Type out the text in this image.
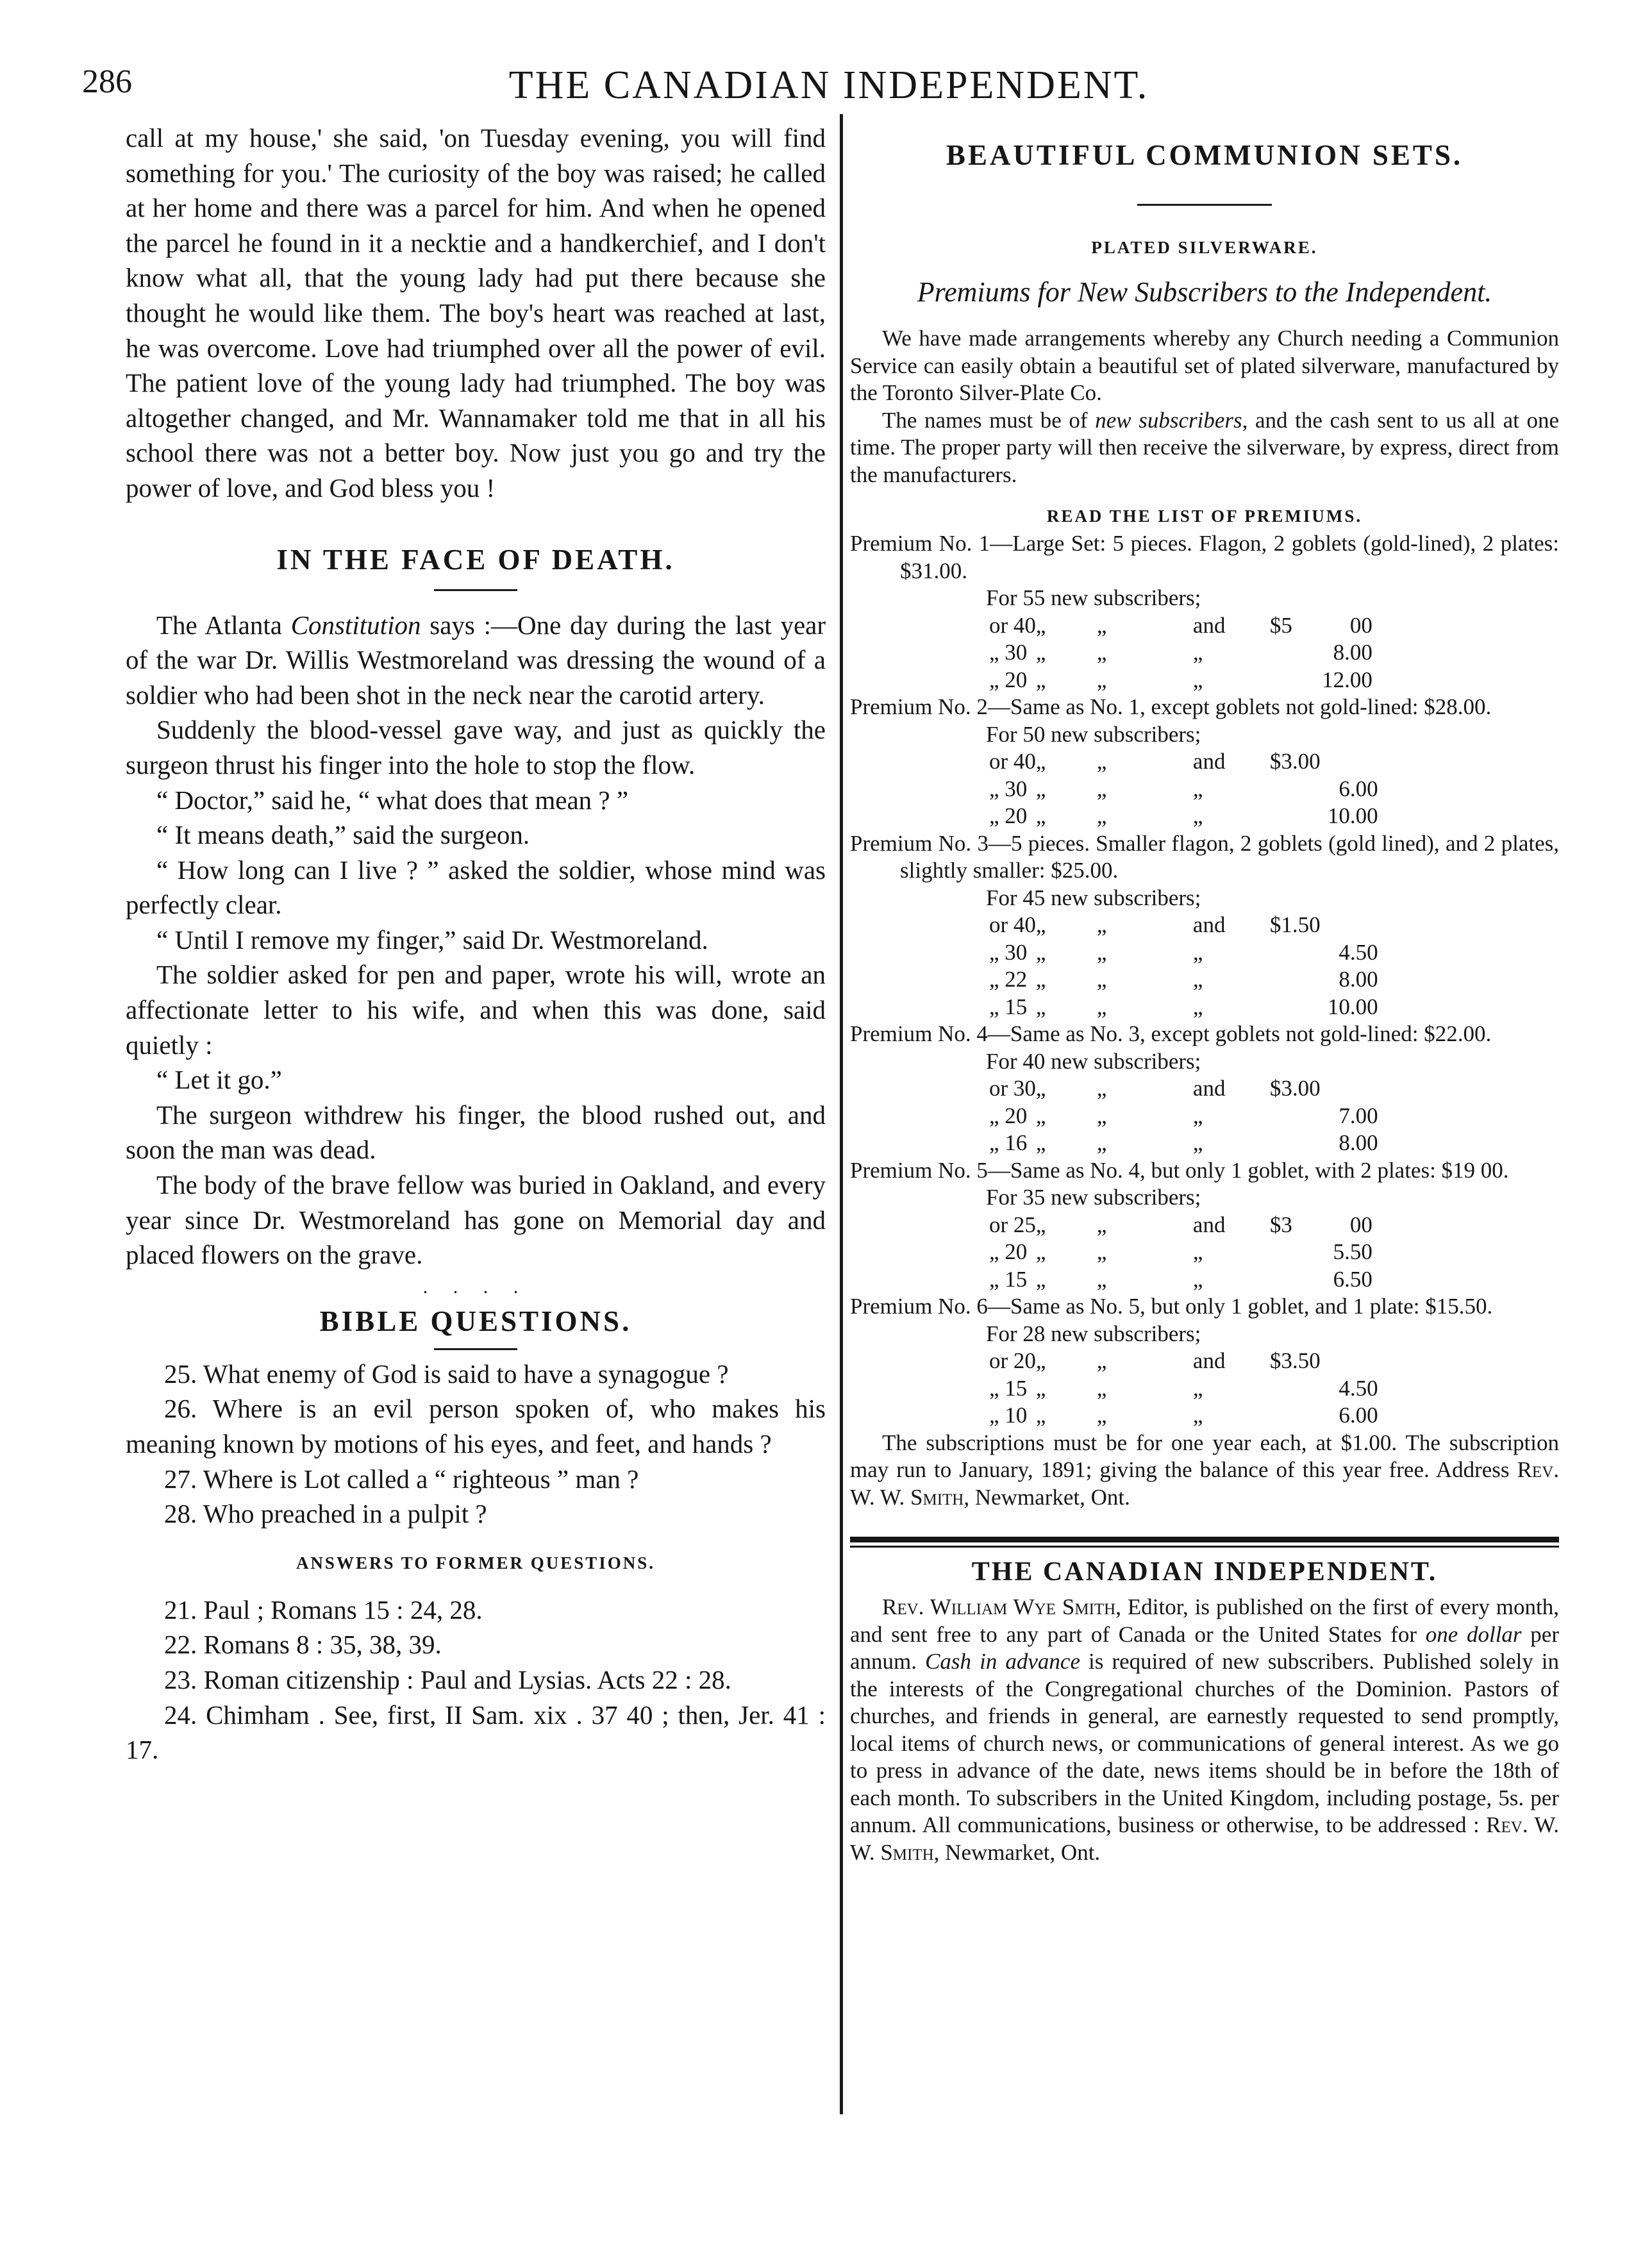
286	THE CANADIAN INDEPENDENT.

call at my house,' she said, 'on Tuesday evening, you will find something for you.' The curiosity of the boy was raised; he called at her home and there was a parcel for him. And when he opened the parcel he found in it a necktie and a handkerchief, and I don't know what all, that the young lady had put there because she thought he would like them. The boy's heart was reached at last, he was overcome. Love had triumphed over all the power of evil. The patient love of the young lady had triumphed. The boy was altogether changed, and Mr. Wannamaker told me that in all his school there was not a better boy. Now just you go and try the power of love, and God bless you !

IN THE FACE OF DEATH.

The Atlanta Constitution says :—One day during the last year of the war Dr. Willis Westmoreland was dressing the wound of a soldier who had been shot in the neck near the carotid artery.

Suddenly the blood-vessel gave way, and just as quickly the surgeon thrust his finger into the hole to stop the flow.

“ Doctor,” said he, “ what does that mean ? ”

“ It means death,” said the surgeon.

“ How long can I live ? ” asked the soldier, whose mind was perfectly clear.

“ Until I remove my finger,” said Dr. Westmoreland.

The soldier asked for pen and paper, wrote his will, wrote an affectionate letter to his wife, and when this was done, said quietly :

“ Let it go.”

The surgeon withdrew his finger, the blood rushed out, and soon the man was dead.

The body of the brave fellow was buried in Oakland, and every year since Dr. Westmoreland has gone on Memorial day and placed flowers on the grave.

. . . .
BIBLE QUESTIONS.

25. What enemy of God is said to have a synagogue ?

26. Where is an evil person spoken of, who makes his meaning known by motions of his eyes, and feet, and hands ?

27. Where is Lot called a “ righteous ” man ?

28. Who preached in a pulpit ?

ANSWERS TO FORMER QUESTIONS.

21. Paul ; Romans 15 : 24, 28.

22. Romans 8 : 35, 38, 39.

23. Roman citizenship : Paul and Lysias. Acts 22 : 28.

24. Chimham . See, first, II Sam. xix . 37 40 ; then, Jer. 41 : 17.

BEAUTIFUL COMMUNION SETS.
PLATED SILVERWARE.

Premiums for New Subscribers to the Independent.

We have made arrangements whereby any Church needing a Communion Service can easily obtain a beautiful set of plated silverware, manufactured by the Toronto Silver-Plate Co.

The names must be of new subscribers, and the cash sent to us all at one time. The proper party will then receive the silverware, by express, direct from the manufacturers.

READ THE LIST OF PREMIUMS.

Premium No. 1—Large Set: 5 pieces. Flagon, 2 goblets (gold-lined), 2 plates: $31.00.

For 55 new subscribers;
or 40	„	„	and	$5	00
„ 30	„	„	„		8.00
„ 20	„	„	„		12.00

Premium No. 2—Same as No. 1, except goblets not gold-lined: $28.00.

For 50 new subscribers;
or 40	„	„	and	$3.00	
„ 30	„	„	„		6.00
„ 20	„	„	„		10.00

Premium No. 3—5 pieces. Smaller flagon, 2 goblets (gold lined), and 2 plates, slightly smaller: $25.00.

For 45 new subscribers;
or 40	„	„	and	$1.50	
„ 30	„	„	„		4.50
„ 22	„	„	„		8.00
„ 15	„	„	„		10.00

Premium No. 4—Same as No. 3, except goblets not gold-lined: $22.00.

For 40 new subscribers;
or 30	„	„	and	$3.00	
„ 20	„	„	„		7.00
„ 16	„	„	„		8.00

Premium No. 5—Same as No. 4, but only 1 goblet, with 2 plates: $19 00.

For 35 new subscribers;
or 25	„	„	and	$3	00
„ 20	„	„	„		5.50
„ 15	„	„	„		6.50

Premium No. 6—Same as No. 5, but only 1 goblet, and 1 plate: $15.50.

For 28 new subscribers;
or 20	„	„	and	$3.50	
„ 15	„	„	„		4.50
„ 10	„	„	„		6.00

The subscriptions must be for one year each, at $1.00. The subscription may run to January, 1891; giving the balance of this year free. Address Rev. W. W. Smith, Newmarket, Ont.

THE CANADIAN INDEPENDENT.

Rev. William Wye Smith, Editor, is published on the first of every month, and sent free to any part of Canada or the United States for one dollar per annum. Cash in advance is required of new subscribers. Published solely in the interests of the Congregational churches of the Dominion. Pastors of churches, and friends in general, are earnestly requested to send promptly, local items of church news, or communications of general interest. As we go to press in advance of the date, news items should be in before the 18th of each month. To subscribers in the United Kingdom, including postage, 5s. per annum. All communications, business or otherwise, to be addressed : Rev. W. W. Smith, Newmarket, Ont.
